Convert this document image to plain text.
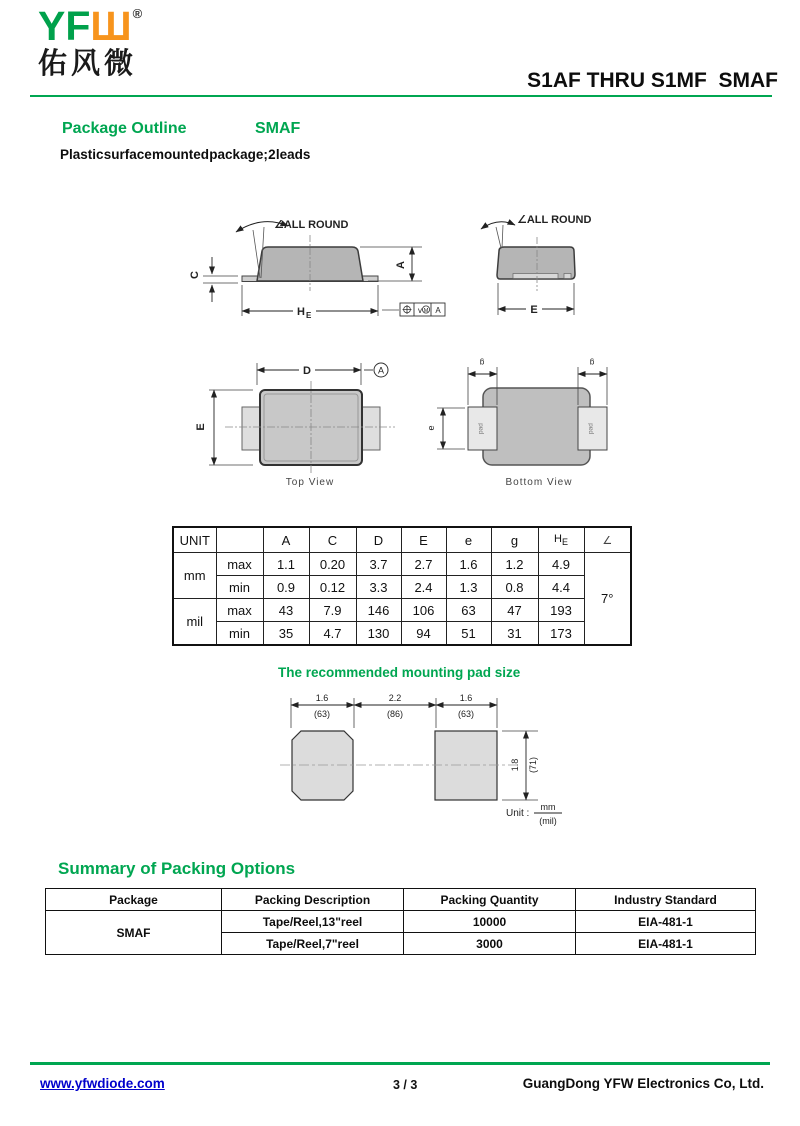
YFШ®
佑风微
S1AF THRU S1MF  SMAF
Package Outline	SMAF
Plastic surface mounted package; 2 leads
∠ALL ROUND
C
A
H E
v M A
∠ALL ROUND
E
D	A
E
Top View
pad	pad
g	g
e
Bottom View
UNIT		A	C	D	E	e	g	$H_E$	∠
mm	max	1.1	0.20	3.7	2.7	1.6	1.2	4.9	7°
	min	0.9	0.12	3.3	2.4	1.3	0.8	4.4	
mil	max	43	7.9	146	106	63	47	193	
	min	35	4.7	130	94	51	31	173	
The recommended mounting pad size
1.6
(63)
2.2
(86)
1.6
(63)
1.8 (71)
Unit :
mm
(mil)
Summary of Packing Options
Package	Packing Description	Packing Quantity	Industry Standard
SMAF	Tape/Reel,13"reel	10000	EIA-481-1
	Tape/Reel,7"reel	3000	EIA-481-1
www.yfwdiode.com	3 / 3	GuangDong YFW Electronics Co, Ltd.
